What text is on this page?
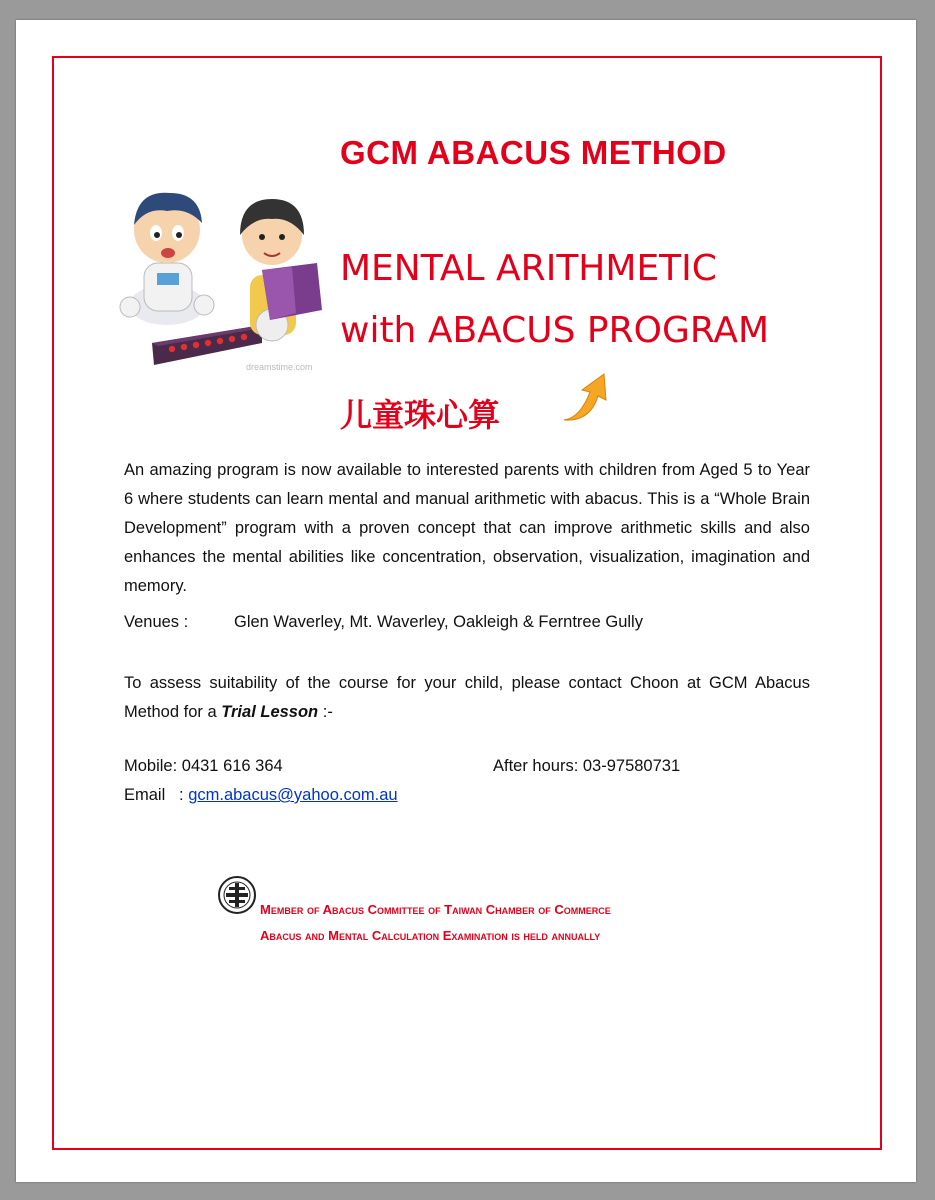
dreamstime.com
GCM ABACUS METHOD
MENTAL ARITHMETIC
with ABACUS PROGRAM
儿童珠心算

An amazing program is now available to interested parents with children from Aged 5 to Year 6 where students can learn mental and manual arithmetic with abacus. This is a “Whole Brain Development” program with a proven concept that can improve arithmetic skills and also enhances the mental abilities like concentration, observation, visualization, imagination and memory.

Venues :	Glen Waverley, Mt. Waverley, Oakleigh & Ferntree Gully
To assess suitability of the course for your child, please contact Choon at GCM Abacus Method for a Trial Lesson :-
Mobile: 0431 616 364	After hours: 03-97580731
Email   : gcm.abacus@yahoo.com.au
Member of Abacus Committee of Taiwan Chamber of Commerce
Abacus and Mental Calculation Examination is held annually
